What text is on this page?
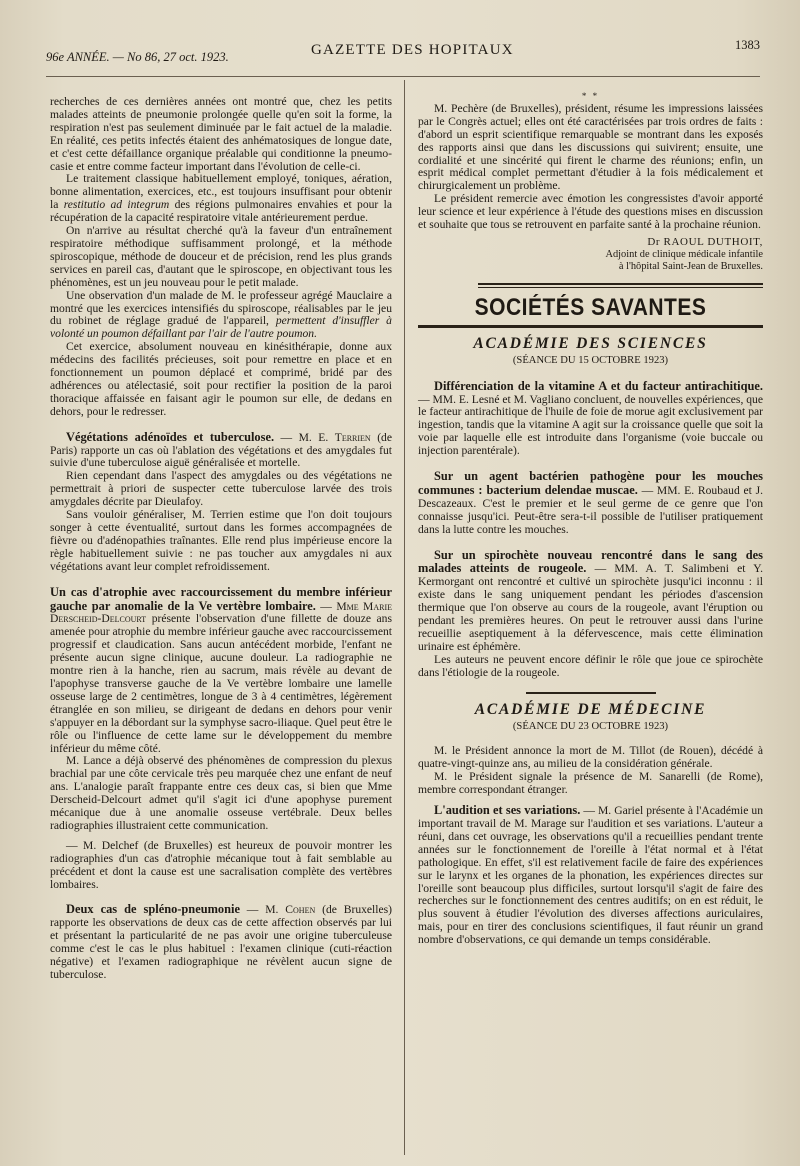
96e ANNÉE. — No 86, 27 oct. 1923.	GAZETTE DES HOPITAUX	1383

recherches de ces dernières années ont montré que, chez les petits malades atteints de pneumonie prolongée quelle qu'en soit la forme, la respiration n'est pas seulement diminuée par le fait actuel de la maladie. En réalité, ces petits infectés étaient des anhématosiques de longue date, et c'est cette défaillance organique préalable qui conditionne la pneumo-casie et entre comme facteur important dans l'évolution de celle-ci.

Le traitement classique habituellement employé, toniques, aération, bonne alimentation, exercices, etc., est toujours insuffisant pour obtenir la restitutio ad integrum des régions pulmonaires envahies et pour la récupération de la capacité respiratoire vitale antérieurement perdue.

On n'arrive au résultat cherché qu'à la faveur d'un entraînement respiratoire méthodique suffisamment prolongé, et la méthode spiroscopique, méthode de douceur et de précision, rend les plus grands services en pareil cas, d'autant que le spiroscope, en objectivant tous les phénomènes, est un jeu nouveau pour le petit malade.

Une observation d'un malade de M. le professeur agrégé Mauclaire a montré que les exercices intensifiés du spiroscope, réalisables par le jeu du robinet de réglage gradué de l'appareil, permettent d'insuffler à volonté un poumon défaillant par l'air de l'autre poumon.

Cet exercice, absolument nouveau en kinésithérapie, donne aux médecins des facilités précieuses, soit pour remettre en place et en fonctionnement un poumon déplacé et comprimé, bridé par des adhérences ou atélectasié, soit pour rectifier la position de la paroi thoracique affaissée en faisant agir le poumon sur elle, de dedans en dehors, pour le redresser.

Végétations adénoïdes et tuberculose. — M. E. Terrien (de Paris) rapporte un cas où l'ablation des végétations et des amygdales fut suivie d'une tuberculose aiguë généralisée et mortelle.

Rien cependant dans l'aspect des amygdales ou des végétations ne permettrait à priori de suspecter cette tuberculose larvée des trois amygdales décrite par Dieulafoy.

Sans vouloir généraliser, M. Terrien estime que l'on doit toujours songer à cette éventualité, surtout dans les formes accompagnées de fièvre ou d'adénopathies traînantes. Elle rend plus impérieuse encore la règle habituellement suivie : ne pas toucher aux amygdales ni aux végétations avant leur complet refroidissement.

Un cas d'atrophie avec raccourcissement du membre inférieur gauche par anomalie de la Ve vertèbre lombaire. — Mme Marie Derscheid-Delcourt présente l'observation d'une fillette de douze ans amenée pour atrophie du membre inférieur gauche avec raccourcissement progressif et claudication. Sans aucun antécédent morbide, l'enfant ne présente aucun signe clinique, aucune douleur. La radiographie ne montre rien à la hanche, rien au sacrum, mais révèle au devant de l'apophyse transverse gauche de la Ve vertèbre lombaire une lamelle osseuse large de 2 centimètres, longue de 3 à 4 centimètres, légèrement étranglée en son milieu, se dirigeant de dedans en dehors pour venir s'appuyer en la débordant sur la symphyse sacro-iliaque. Quel peut être le rôle ou l'influence de cette lame sur le développement du membre inférieur du même côté.

M. Lance a déjà observé des phénomènes de compression du plexus brachial par une côte cervicale très peu marquée chez une enfant de neuf ans. L'analogie paraît frappante entre ces deux cas, si bien que Mme Derscheid-Delcourt admet qu'il s'agit ici d'une apophyse purement mécanique due à une anomalie osseuse vertébrale. Deux belles radiographies illustraient cette communication.

— M. Delchef (de Bruxelles) est heureux de pouvoir montrer les radiographies d'un cas d'atrophie mécanique tout à fait semblable au précédent et dont la cause est une sacralisation complète des vertèbres lombaires.

Deux cas de spléno-pneumonie — M. Cohen (de Bruxelles) rapporte les observations de deux cas de cette affection observés par lui et présentant la particularité de ne pas avoir une origine tuberculeuse comme c'est le cas le plus habituel : l'examen clinique (cuti-réaction négative) et l'examen radiographique ne révèlent aucun signe de tuberculose.

* *

M. Pechère (de Bruxelles), président, résume les impressions laissées par le Congrès actuel; elles ont été caractérisées par trois ordres de faits : d'abord un esprit scientifique remarquable se montrant dans les exposés des rapports ainsi que dans les discussions qui suivirent; ensuite, une cordialité et une sincérité qui firent le charme des réunions; enfin, un esprit médical complet permettant d'étudier à la fois médicalement et chirurgicalement un problème.

Le président remercie avec émotion les congressistes d'avoir apporté leur science et leur expérience à l'étude des questions mises en discussion et souhaite que tous se retrouvent en parfaite santé à la prochaine réunion.

Dr RAOUL DUTHOIT,
Adjoint de clinique médicale infantile
à l'hôpital Saint-Jean de Bruxelles.
SOCIÉTÉS SAVANTES
ACADÉMIE DES SCIENCES
(SÉANCE DU 15 OCTOBRE 1923)

Différenciation de la vitamine A et du facteur antirachitique. — MM. E. Lesné et M. Vagliano concluent, de nouvelles expériences, que le facteur antirachitique de l'huile de foie de morue agit exclusivement par ingestion, tandis que la vitamine A agit sur la croissance quelle que soit la voie par laquelle elle est introduite dans l'organisme (voie buccale ou injection parentérale).

Sur un agent bactérien pathogène pour les mouches communes : bacterium delendae muscae. — MM. E. Roubaud et J. Descazeaux. C'est le premier et le seul germe de ce genre que l'on connaisse jusqu'ici. Peut-être sera-t-il possible de l'utiliser pratiquement dans la lutte contre les mouches.

Sur un spirochète nouveau rencontré dans le sang des malades atteints de rougeole. — MM. A. T. Salimbeni et Y. Kermorgant ont rencontré et cultivé un spirochète jusqu'ici inconnu : il existe dans le sang uniquement pendant les périodes d'ascension thermique que l'on observe au cours de la rougeole, avant l'éruption ou pendant les premières heures. On peut le retrouver aussi dans l'urine recueillie aseptiquement à la défervescence, mais cette élimination urinaire est éphémère.

Les auteurs ne peuvent encore définir le rôle que joue ce spirochète dans l'étiologie de la rougeole.

ACADÉMIE DE MÉDECINE
(SÉANCE DU 23 OCTOBRE 1923)

M. le Président annonce la mort de M. Tillot (de Rouen), décédé à quatre-vingt-quinze ans, au milieu de la considération générale.

M. le Président signale la présence de M. Sanarelli (de Rome), membre correspondant étranger.

L'audition et ses variations. — M. Gariel présente à l'Académie un important travail de M. Marage sur l'audition et ses variations. L'auteur a réuni, dans cet ouvrage, les observations qu'il a recueillies pendant trente années sur le fonctionnement de l'oreille à l'état normal et à l'état pathologique. En effet, s'il est relativement facile de faire des expériences sur le larynx et les organes de la phonation, les expériences directes sur l'oreille sont beaucoup plus difficiles, surtout lorsqu'il s'agit de faire des recherches sur le fonctionnement des centres auditifs; on en est réduit, le plus souvent à étudier l'évolution des diverses affections auriculaires, mais, pour en tirer des conclusions scientifiques, il faut réunir un grand nombre d'observations, ce qui demande un temps considérable.
